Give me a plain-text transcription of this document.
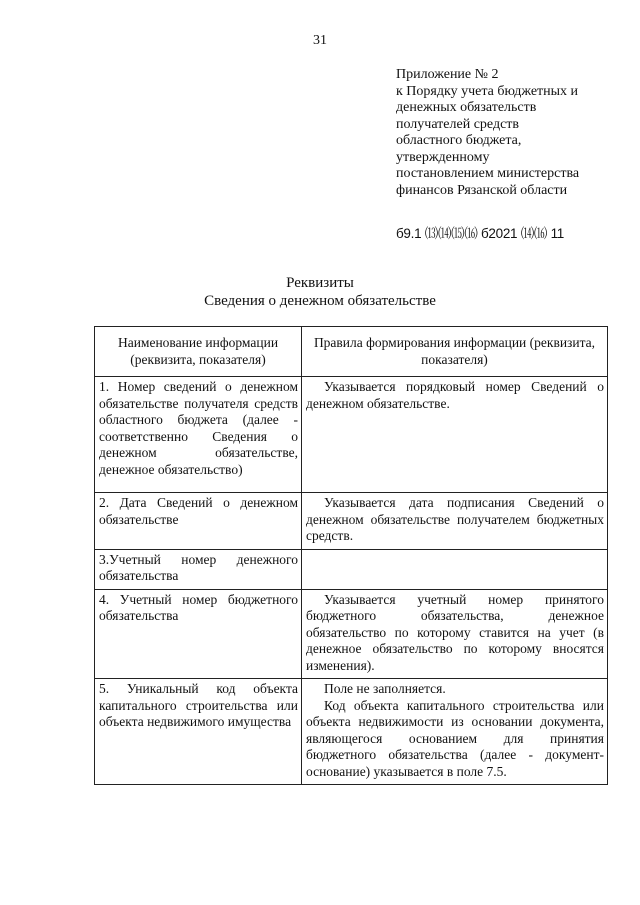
31
Приложение № 2
к Порядку учета бюджетных и
денежных обязательств
получателей средств
областного бюджета,
утвержденному
постановлением министерства
финансов Рязанской области
б9.1 ⒀⒁⒂⒃ б2021 ⒁⒃ 11
Реквизиты
Сведения о денежном обязательстве
Наименование информации (реквизита, показателя)	Правила формирования информации (реквизита, показателя)
1. Номер сведений о денежном обязательстве получателя средств областного бюджета (далее - соответственно Сведения о денежном обязательстве, денежное обязательство)	Указывается порядковый номер Сведений о денежном обязательстве.

2. Дата Сведений о денежном обязательстве	Указывается дата подписания Сведений о денежном обязательстве получателем бюджетных средств.

3.Учетный номер денежного обязательства	
4. Учетный номер бюджетного обязательства	Указывается учетный номер принятого бюджетного обязательства, денежное обязательство по которому ставится на учет (в денежное обязательство по которому вносятся изменения).

5. Уникальный код объекта капитального строительства или объекта недвижимого имущества	Поле не заполняется.

Код объекта капитального строительства или объекта недвижимости из основании документа, являющегося основанием для принятия бюджетного обязательства (далее - документ-основание) указывается в поле 7.5.
